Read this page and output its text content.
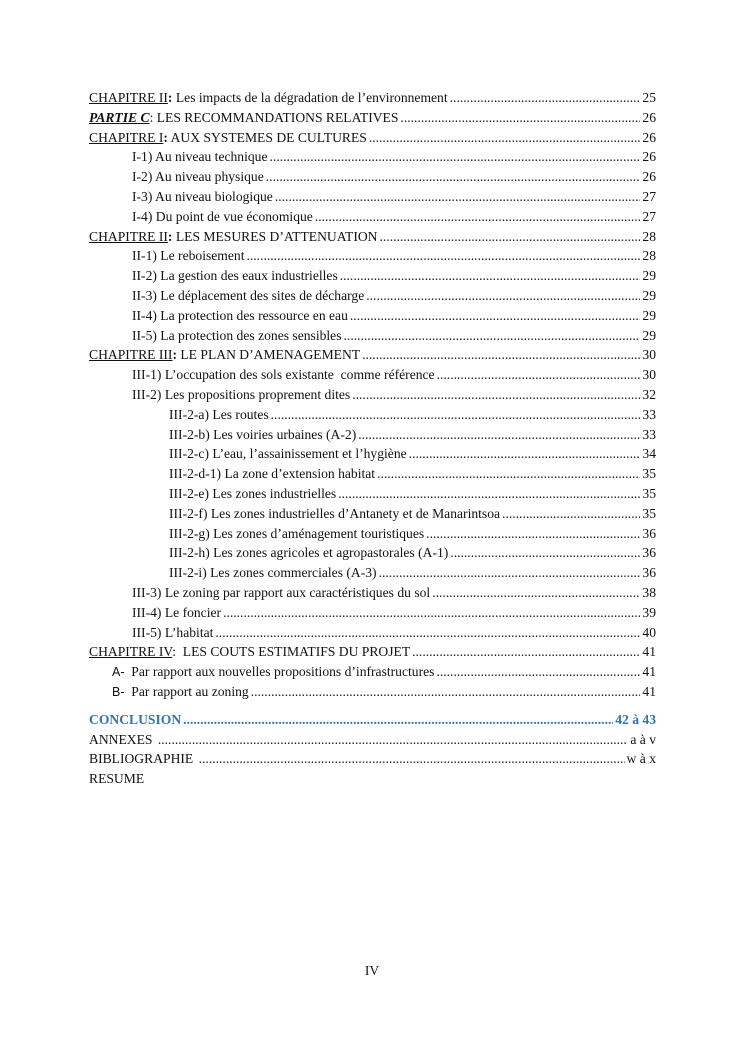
CHAPITRE II: Les impacts de la dégradation de l’environnement .....	25
PARTIE C: LES RECOMMANDATIONS RELATIVES .....	26
CHAPITRE I: AUX SYSTEMES DE CULTURES .....	26
I-1) Au niveau technique .....	26
I-2) Au niveau physique .....	26
I-3) Au niveau biologique .....	27
I-4) Du point de vue économique .....	27
CHAPITRE II: LES MESURES D’ATTENUATION .....	28
II-1) Le reboisement .....	28
II-2) La gestion des eaux industrielles .....	29
II-3) Le déplacement des sites de décharge .....	29
II-4) La protection des ressource en eau .....	29
II-5) La protection des zones sensibles .....	29
CHAPITRE III: LE PLAN D’AMENAGEMENT .....	30
III-1) L’occupation des sols existante  comme référence .....	30
III-2) Les propositions proprement dites .....	32
III-2-a) Les routes .....	33
III-2-b) Les voiries urbaines (A-2) .....	33
III-2-c) L’eau, l’assainissement et l’hygiène .....	34
III-2-d-1) La zone d’extension habitat .....	35
III-2-e) Les zones industrielles .....	35
III-2-f) Les zones industrielles d’Antanety et de Manarintsoa .....	35
III-2-g) Les zones d’aménagement touristiques .....	36
III-2-h) Les zones agricoles et agropastorales (A-1) .....	36
III-2-i) Les zones commerciales (A-3) .....	36
III-3) Le zoning par rapport aux caractéristiques du sol .....	38
III-4) Le foncier .....	39
III-5) L’habitat .....	40
CHAPITRE IV:  LES COUTS ESTIMATIFS DU PROJET .....	41
A-  Par rapport aux nouvelles propositions d’infrastructures .....	41
B-  Par rapport au zoning .....	41
CONCLUSION .....	42 à 43
ANNEXES .....	a à v
BIBLIOGRAPHIE .....	w à x
RESUME
IV
